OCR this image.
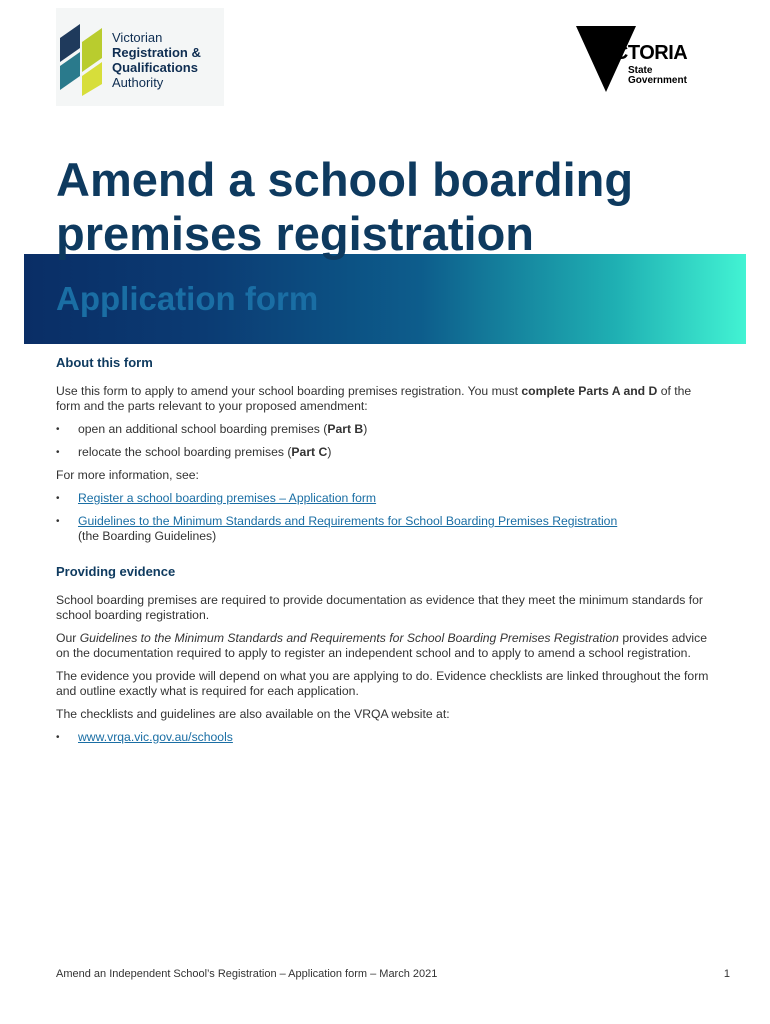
Victorian
Registration &
Qualifications
Authority
VICTORIA
State
Government
Amend a school boarding premises registration
Application form
About this form

Use this form to apply to amend your school boarding premises registration. You must complete Parts A and D of the form and the parts relevant to your proposed amendment:

• open an additional school boarding premises (Part B)
• relocate the school boarding premises (Part C)

For more information, see:

• Register a school boarding premises – Application form
• Guidelines to the Minimum Standards and Requirements for School Boarding Premises Registration
(the Boarding Guidelines)
Providing evidence

School boarding premises are required to provide documentation as evidence that they meet the minimum standards for school boarding registration.

Our Guidelines to the Minimum Standards and Requirements for School Boarding Premises Registration provides advice on the documentation required to apply to register an independent school and to apply to amend a school registration.

The evidence you provide will depend on what you are applying to do. Evidence checklists are linked throughout the form and outline exactly what is required for each application.

The checklists and guidelines are also available on the VRQA website at:

• www.vrqa.vic.gov.au/schools
Amend an Independent School’s Registration – Application form – March 2021	1
